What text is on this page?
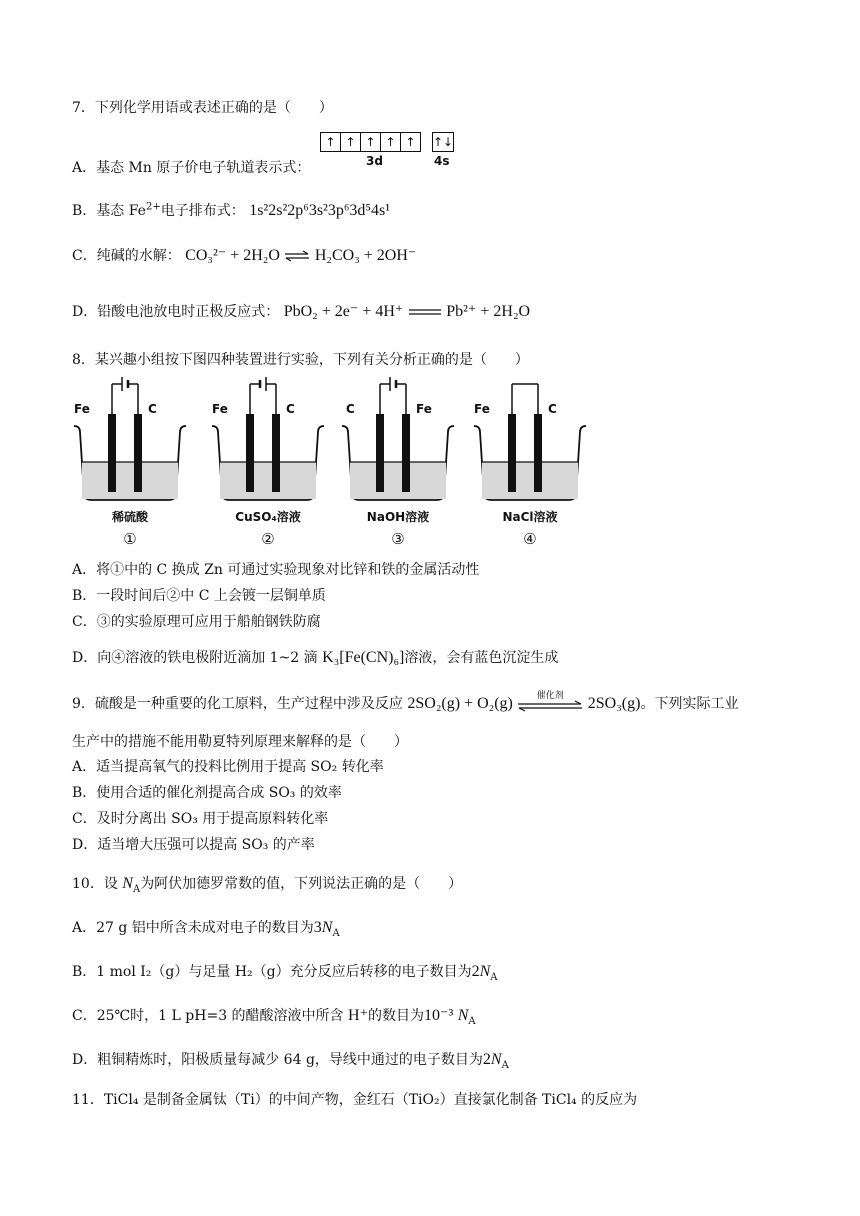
7．下列化学用语或表述正确的是（　　）
A．基态 Mn 原子价电子轨道表示式：
↑ ↑ ↑ ↑ ↑ ↑↓
3d	4s
B．基态 $Fe^{2+}$电子排布式： 1s²2s²2p⁶3s²3p⁶3d⁵4s¹
C．纯碱的水解： CO₃²⁻ + 2H₂O ⇌ H₂CO₃ + 2OH⁻
D．铅酸电池放电时正极反应式： PbO₂ + 2e⁻ + 4H⁺	Pb²⁺ + 2H₂O
8．某兴趣小组按下图四种装置进行实验，下列有关分析正确的是（　　）
Fe	C
稀硫酸
①
Fe	C
CuSO₄溶液
②
C	Fe
NaOH溶液
③
Fe	C
NaCl溶液
④
A．将①中的 C 换成 Zn 可通过实验现象对比锌和铁的金属活动性
B．一段时间后②中 C 上会镀一层铜单质
C．③的实验原理可应用于船舶钢铁防腐
D．向④溶液的铁电极附近滴加 1~2 滴 K₃[Fe(CN)₆]溶液，会有蓝色沉淀生成
9．硫酸是一种重要的化工原料，生产过程中涉及反应 2SO₂(g) + O₂(g)	催化剂	2SO₃(g)。下列实际工业
生产中的措施不能用勒夏特列原理来解释的是（　　）
A．适当提高氧气的投料比例用于提高 SO₂ 转化率
B．使用合适的催化剂提高合成 SO₃ 的效率
C．及时分离出 SO₃ 用于提高原料转化率
D．适当增大压强可以提高 SO₃ 的产率
10．设 $N_A$为阿伏加德罗常数的值，下列说法正确的是（　　）
A．27 g 铝中所含未成对电子的数目为$3N_A$
B．1 mol I₂（g）与足量 H₂（g）充分反应后转移的电子数目为$2N_A$
C．25℃时，1 L pH=3 的醋酸溶液中所含 H⁺的数目为10⁻³ $N_A$
D．粗铜精炼时，阳极质量每减少 64 g，导线中通过的电子数目为$2N_A$
11．TiCl₄ 是制备金属钛（Ti）的中间产物，金红石（TiO₂）直接氯化制备 TiCl₄ 的反应为
